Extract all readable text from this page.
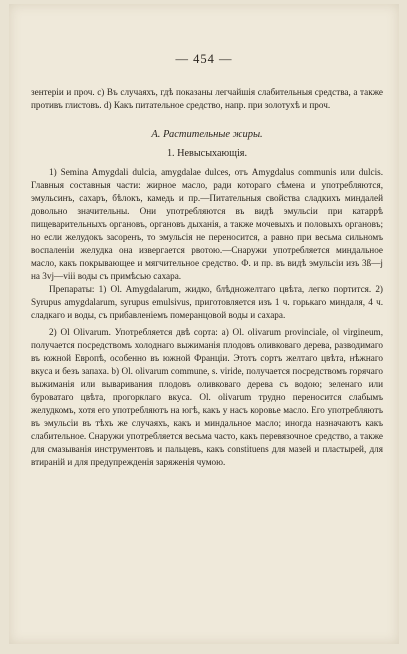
— 454 —

зентеріи и проч. с) Въ случаяхъ, гдѣ показаны легчайшія слабительныя средства, а также противъ глистовъ. d) Какъ питательное средство, напр. при золотухѣ и проч.

А. Растительные жиры.
1. Невысыхающія.

1) Semina Amygdali dulcia, amygdalae dulces, отъ Amygdalus communis или dulcis. Главныя составныя части: жирное масло, ради котораго сѣмена и употребляются, эмульсинъ, сахаръ, бѣлокъ, камедь и пр.—Питательныя свойства сладкихъ миндалей довольно значительны. Они употребляются въ видѣ эмульсіи при катаррѣ пищеварительныхъ органовъ, органовъ дыханія, а также мочевыхъ и половыхъ органовъ; но если желудокъ засоренъ, то эмульсія не переносится, а равно при весьма сильномъ воспаленіи желудка она извергается рвотою.—Снаружи употребляется миндальное масло, какъ покрывающее и мягчительное средство. Ф. и пр. въ видѣ эмульсіи изъ 3ß—j на 3vj—viii воды съ примѣсью сахара.

Препараты: 1) Ol. Amygdalarum, жидко, блѣдножелтаго цвѣта, легко портится. 2) Syrupus amygdalarum, syrupus emulsivus, приготовляется изъ 1 ч. горькаго миндаля, 4 ч. сладкаго и воды, съ прибавленіемъ померанцовой воды и сахара.

2) Ol Olivarum. Употребляется двѣ сорта: a) Ol. olivarum provinciale, ol virgineum, получается посредствомъ холоднаго выжиманія плодовъ оливковаго дерева, разводимаго въ южной Европѣ, особенно въ южной Франціи. Этотъ сортъ желтаго цвѣта, нѣжнаго вкуса и безъ запаха. b) Ol. olivarum commune, s. viride, получается посредствомъ горячаго выжиманія или вываривания плодовъ оливковаго дерева съ водою; зеленаго или буроватаго цвѣта, прогорклаго вкуса. Ol. olivarum трудно переносится слабымъ желудкомъ, хотя его употребляютъ на югѣ, какъ у насъ коровье масло. Его употребляютъ въ эмульсіи въ тѣхъ же случаяхъ, какъ и миндальное масло; иногда назначаютъ какъ слабительное. Снаружи употребляется весьма часто, какъ перевязочное средство, а также для смазыванія инструментовъ и пальцевъ, какъ constituens для мазей и пластырей, для втираній и для предупрежденія заряженія чумою.
